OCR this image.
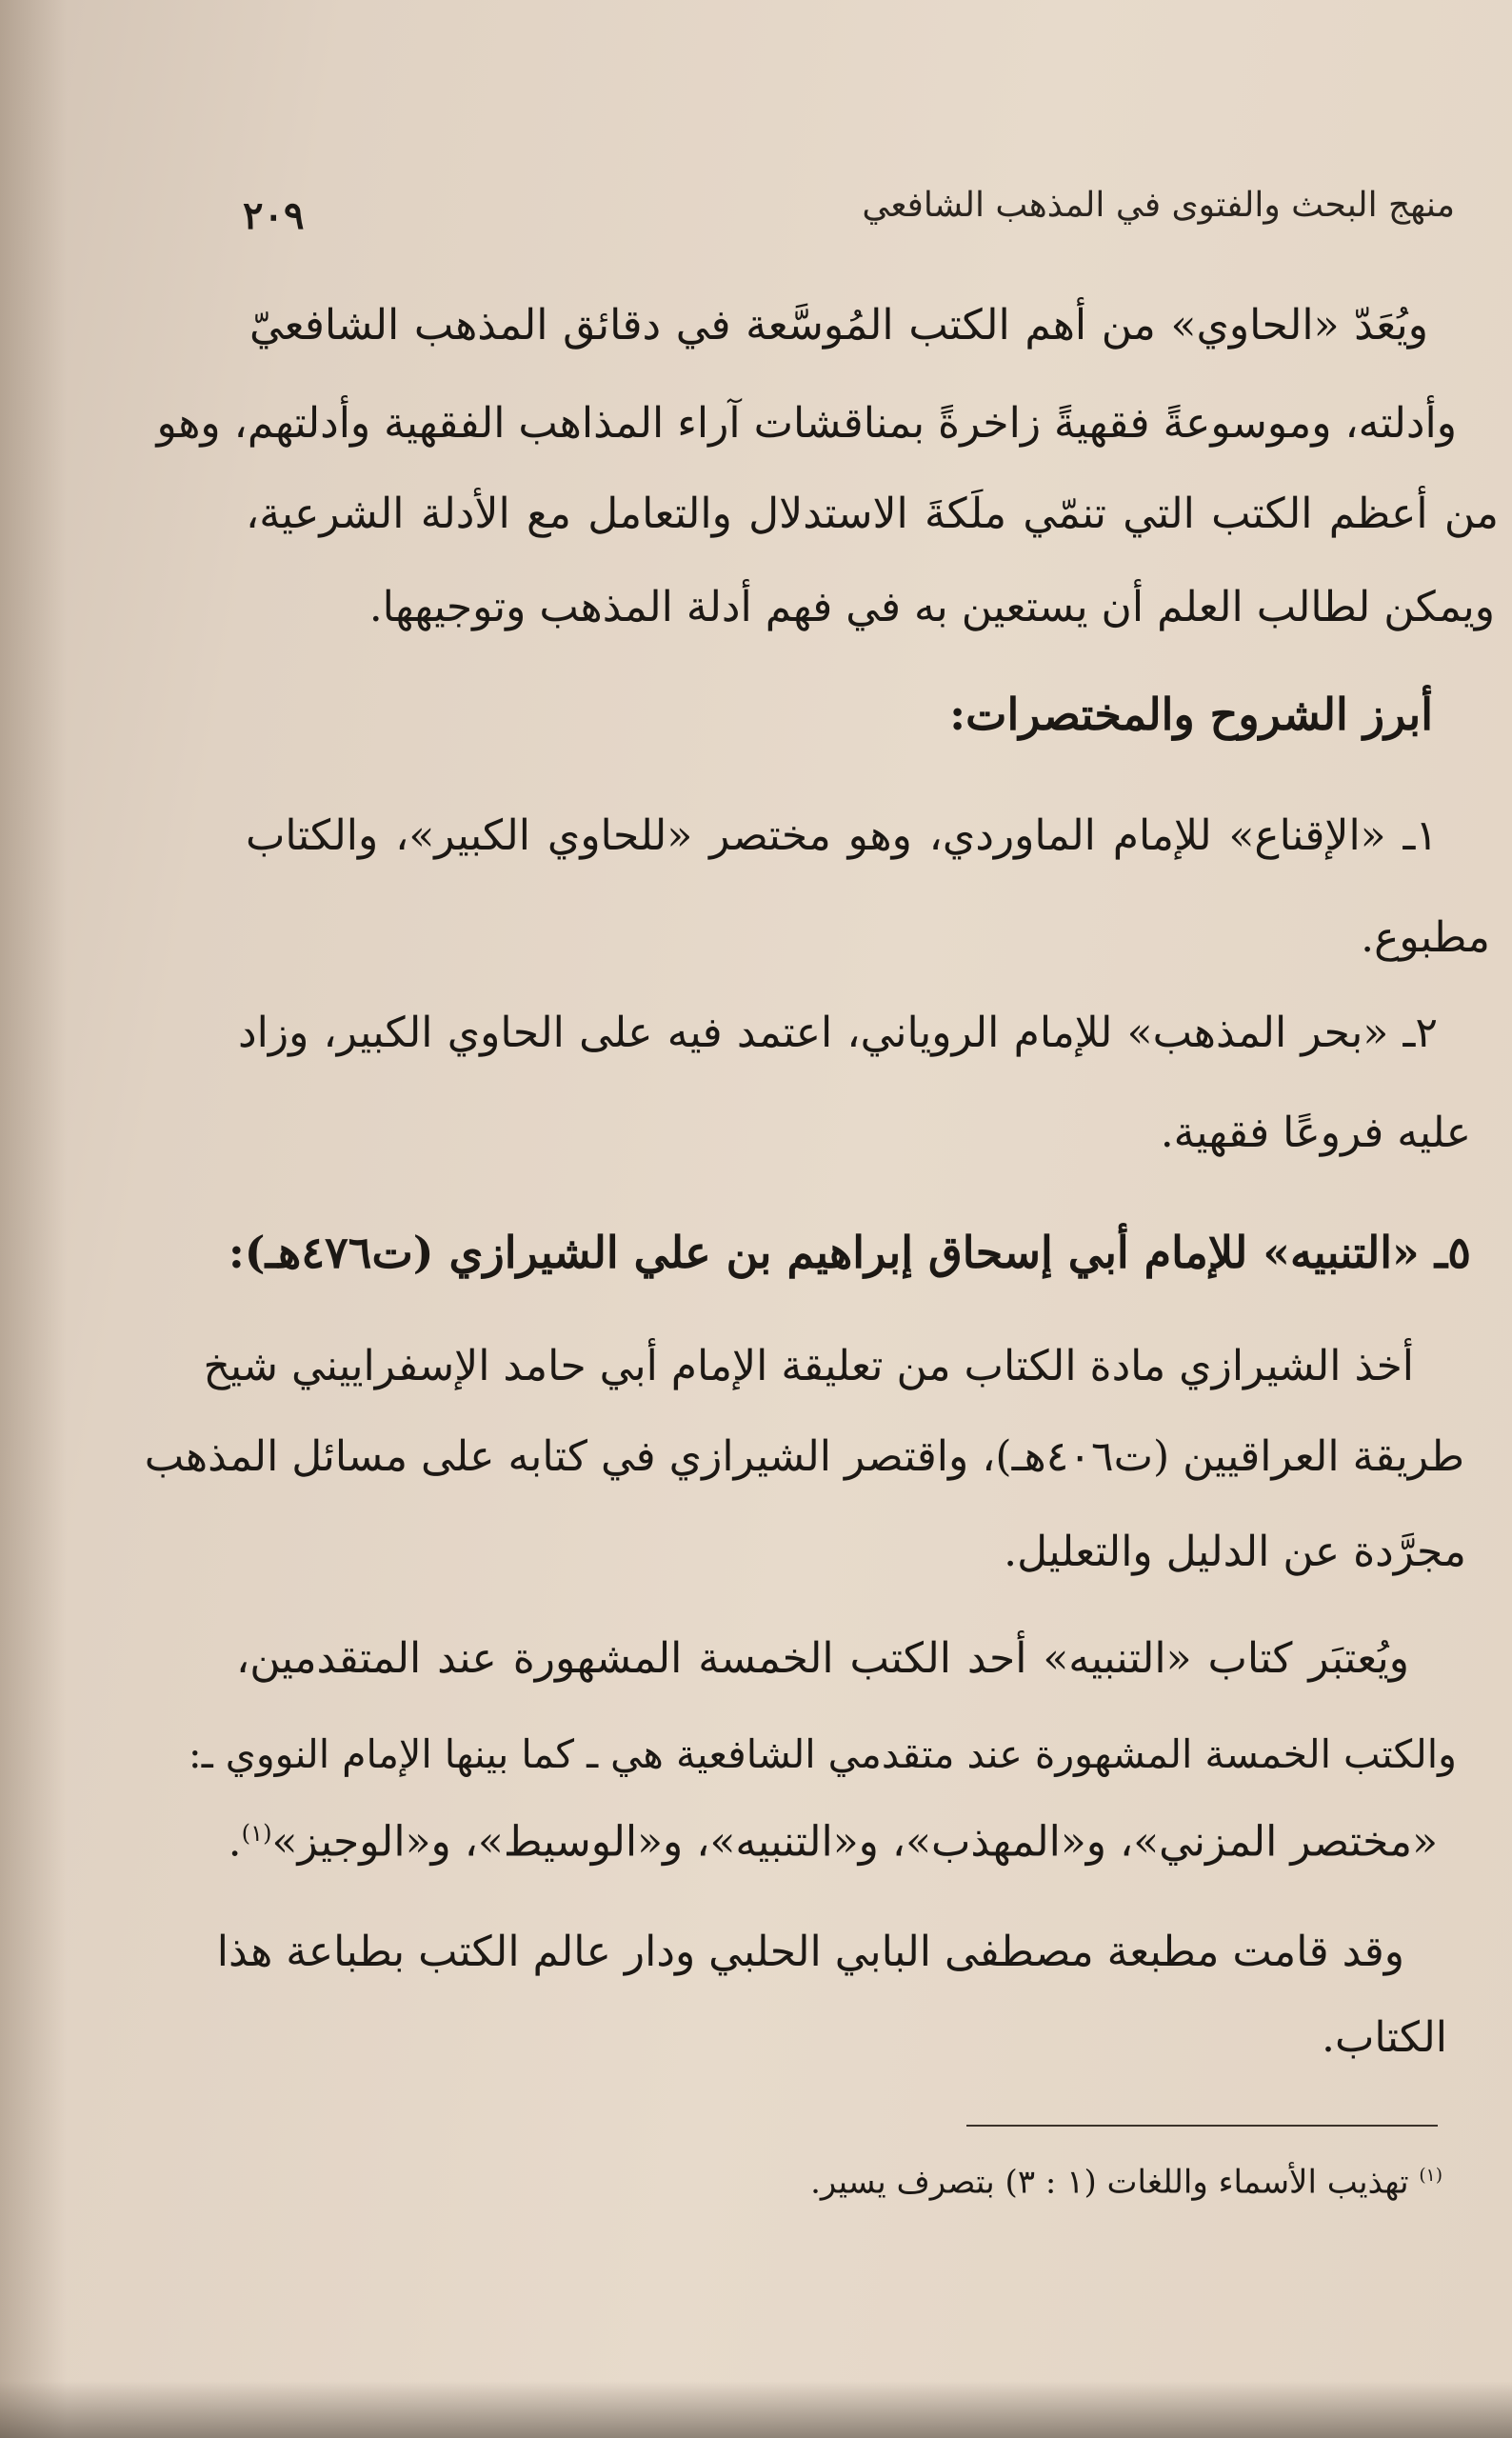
منهج البحث والفتوى في المذهب الشافعي
٢٠٩
ويُعَدّ «الحاوي» من أهم الكتب المُوسَّعة في دقائق المذهب الشافعيّ
وأدلته، وموسوعةً فقهيةً زاخرةً بمناقشات آراء المذاهب الفقهية وأدلتهم، وهو
من أعظم الكتب التي تنمّي ملَكةَ الاستدلال والتعامل مع الأدلة الشرعية،
ويمكن لطالب العلم أن يستعين به في فهم أدلة المذهب وتوجيهها.
أبرز الشروح والمختصرات:
١ـ «الإقناع» للإمام الماوردي، وهو مختصر «للحاوي الكبير»، والكتاب
مطبوع.
٢ـ «بحر المذهب» للإمام الروياني، اعتمد فيه على الحاوي الكبير، وزاد
عليه فروعًا فقهية.
٥ـ «التنبيه» للإمام أبي إسحاق إبراهيم بن علي الشيرازي (ت٤٧٦هـ):
أخذ الشيرازي مادة الكتاب من تعليقة الإمام أبي حامد الإسفراييني شيخ
طريقة العراقيين (ت٤٠٦هـ)، واقتصر الشيرازي في كتابه على مسائل المذهب
مجرَّدة عن الدليل والتعليل.
ويُعتبَر كتاب «التنبيه» أحد الكتب الخمسة المشهورة عند المتقدمين،
والكتب الخمسة المشهورة عند متقدمي الشافعية هي ـ كما بينها الإمام النووي ـ:
«مختصر المزني»، و«المهذب»، و«التنبيه»، و«الوسيط»، و«الوجيز»$^{(١)}$.
وقد قامت مطبعة مصطفى البابي الحلبي ودار عالم الكتب بطباعة هذا
الكتاب.
$^{(١)}$ تهذيب الأسماء واللغات (١ : ٣) بتصرف يسير.
